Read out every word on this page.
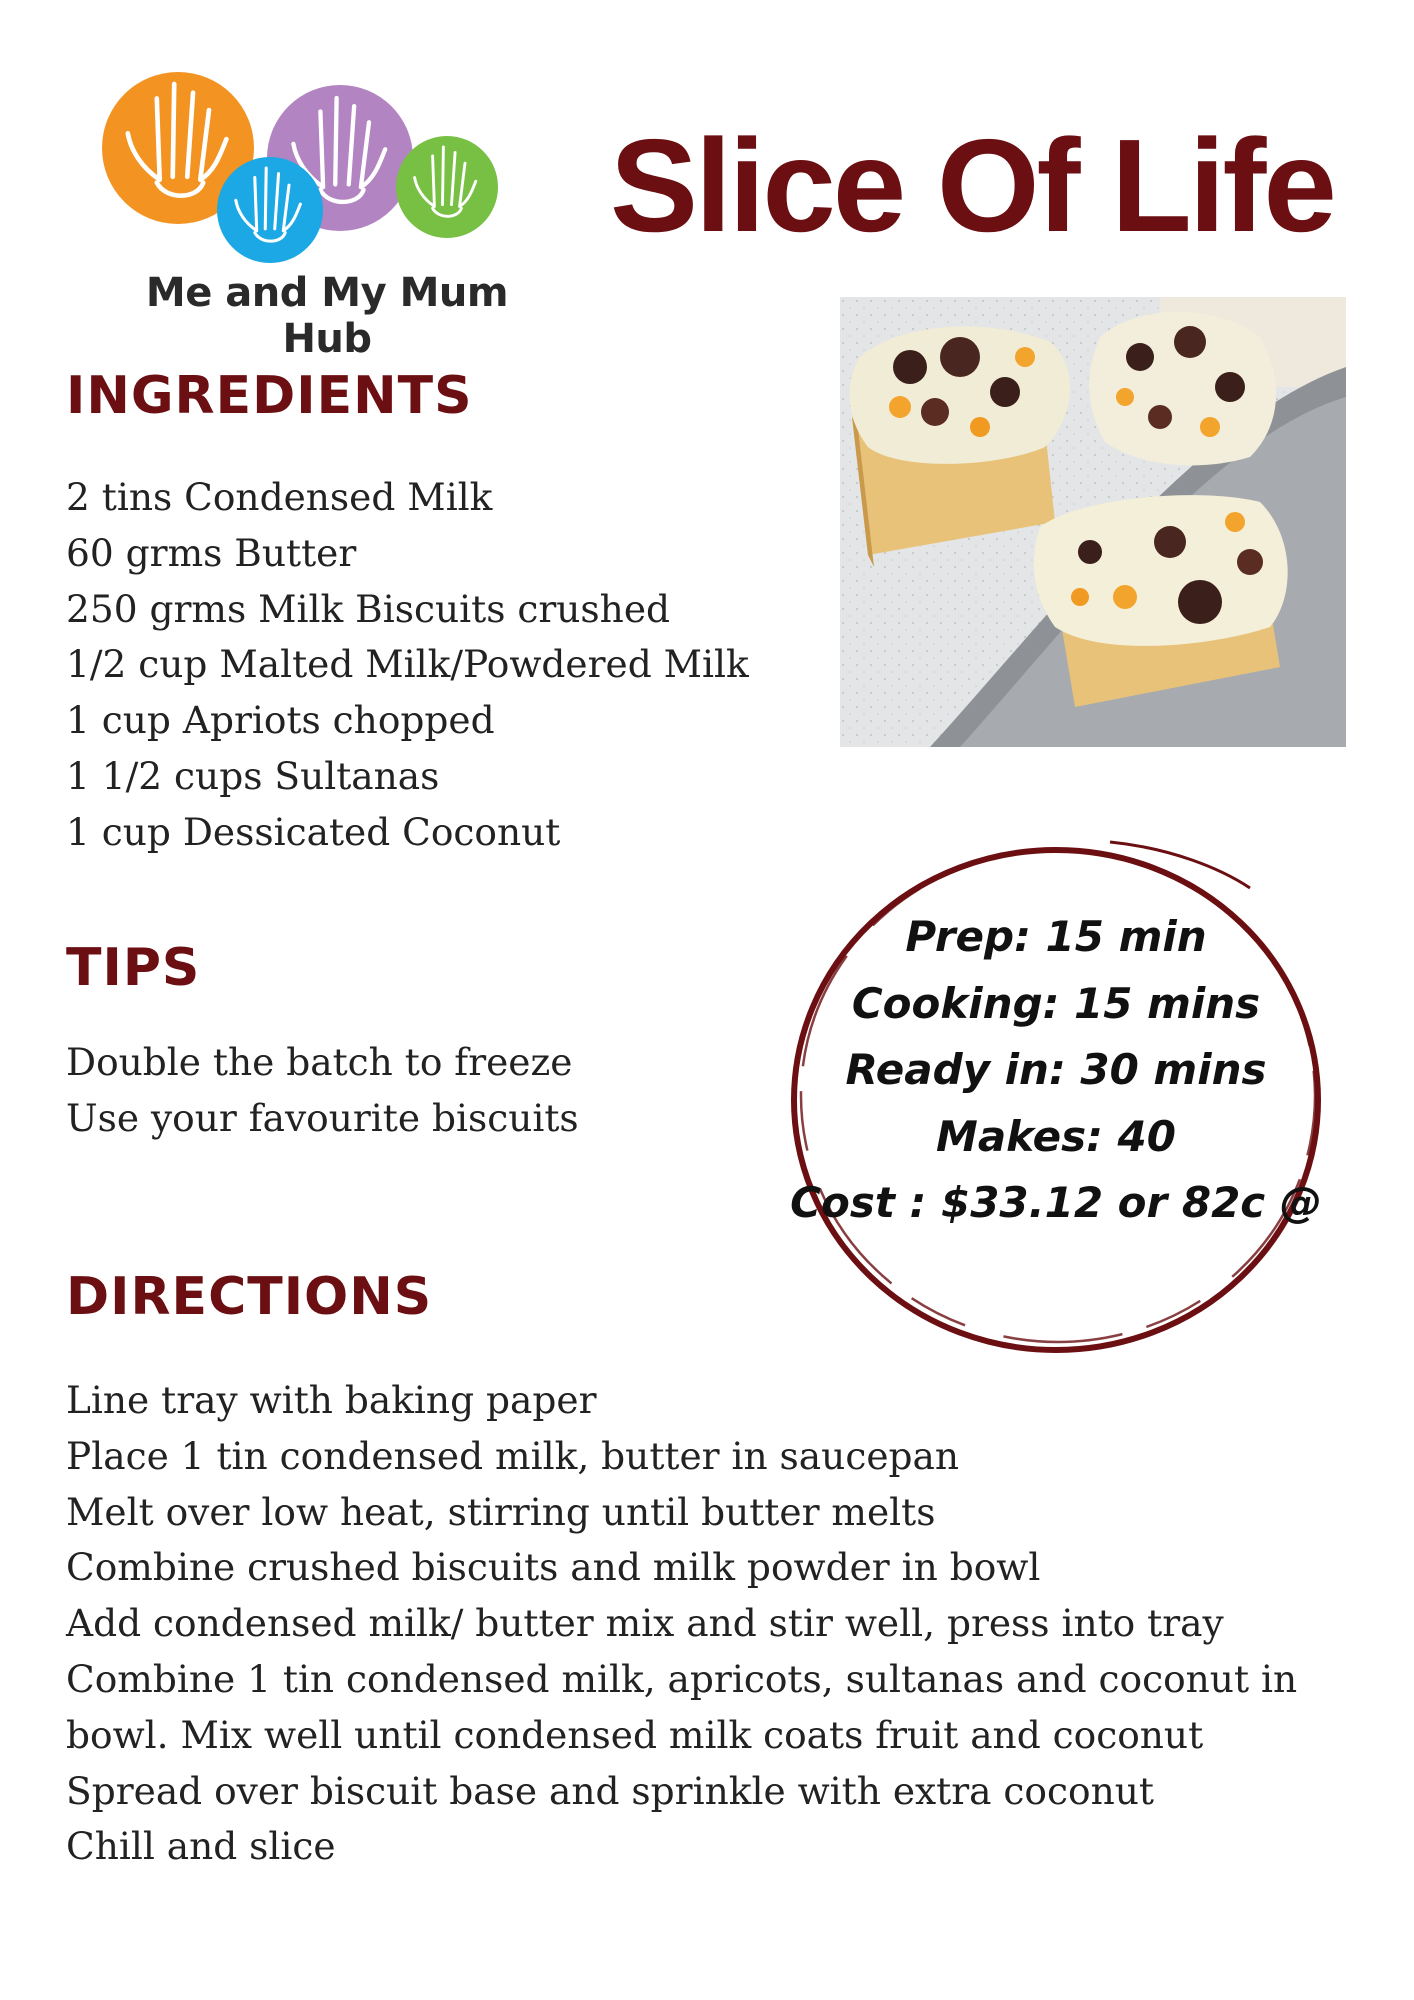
Me and My Mum Hub
Slice Of Life
INGREDIENTS
2 tins Condensed Milk
60 grms Butter
250 grms Milk Biscuits crushed
1/2 cup Malted Milk/Powdered Milk
1 cup Apriots chopped
1 1/2 cups Sultanas
1 cup Dessicated Coconut
TIPS
Double the batch to freeze
Use your favourite biscuits
Prep: 15 min
Cooking: 15 mins
Ready in: 30 mins
Makes: 40
Cost : $33.12 or 82c @
DIRECTIONS
Line tray with baking paper
Place 1 tin condensed milk, butter in saucepan
Melt over low heat, stirring until butter melts
Combine crushed biscuits and milk powder in bowl
Add condensed milk/ butter mix and stir well, press into tray
Combine 1 tin condensed milk, apricots, sultanas and coconut in
bowl. Mix well until condensed milk coats fruit and coconut
Spread over biscuit base and sprinkle with extra coconut
Chill and slice
